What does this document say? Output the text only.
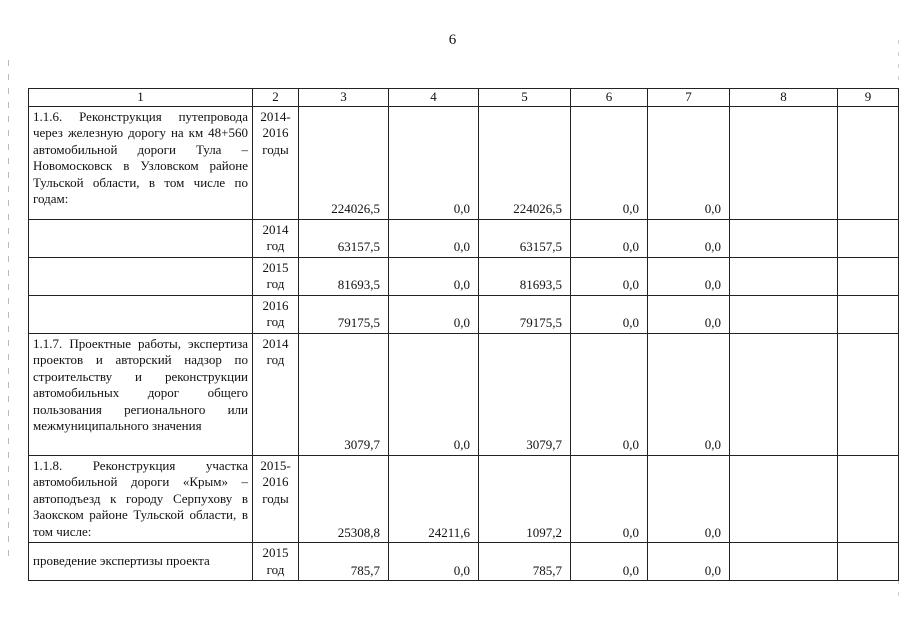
6
1	2	3	4	5	6	7	8	9
1.1.6. Реконструкция путепровода через железную дорогу на км 48+560 автомобильной дороги Тула – Новомосковск в Узловском районе Тульской области, в том числе по годам:	2014-2016 годы	224026,5	0,0	224026,5	0,0	0,0		
	2014 год	63157,5	0,0	63157,5	0,0	0,0		
	2015 год	81693,5	0,0	81693,5	0,0	0,0		
	2016 год	79175,5	0,0	79175,5	0,0	0,0		
1.1.7. Проектные работы, экспертиза проектов и авторский надзор по строительству и реконструкции автомобильных дорог общего пользования регионального или межмуниципального значения	2014 год	3079,7	0,0	3079,7	0,0	0,0		
1.1.8. Реконструкция участка автомобильной дороги «Крым» – автоподъезд к городу Серпухову в Заокском районе Тульской области, в том числе:	2015-2016 годы	25308,8	24211,6	1097,2	0,0	0,0		
проведение экспертизы проекта	2015 год	785,7	0,0	785,7	0,0	0,0		
